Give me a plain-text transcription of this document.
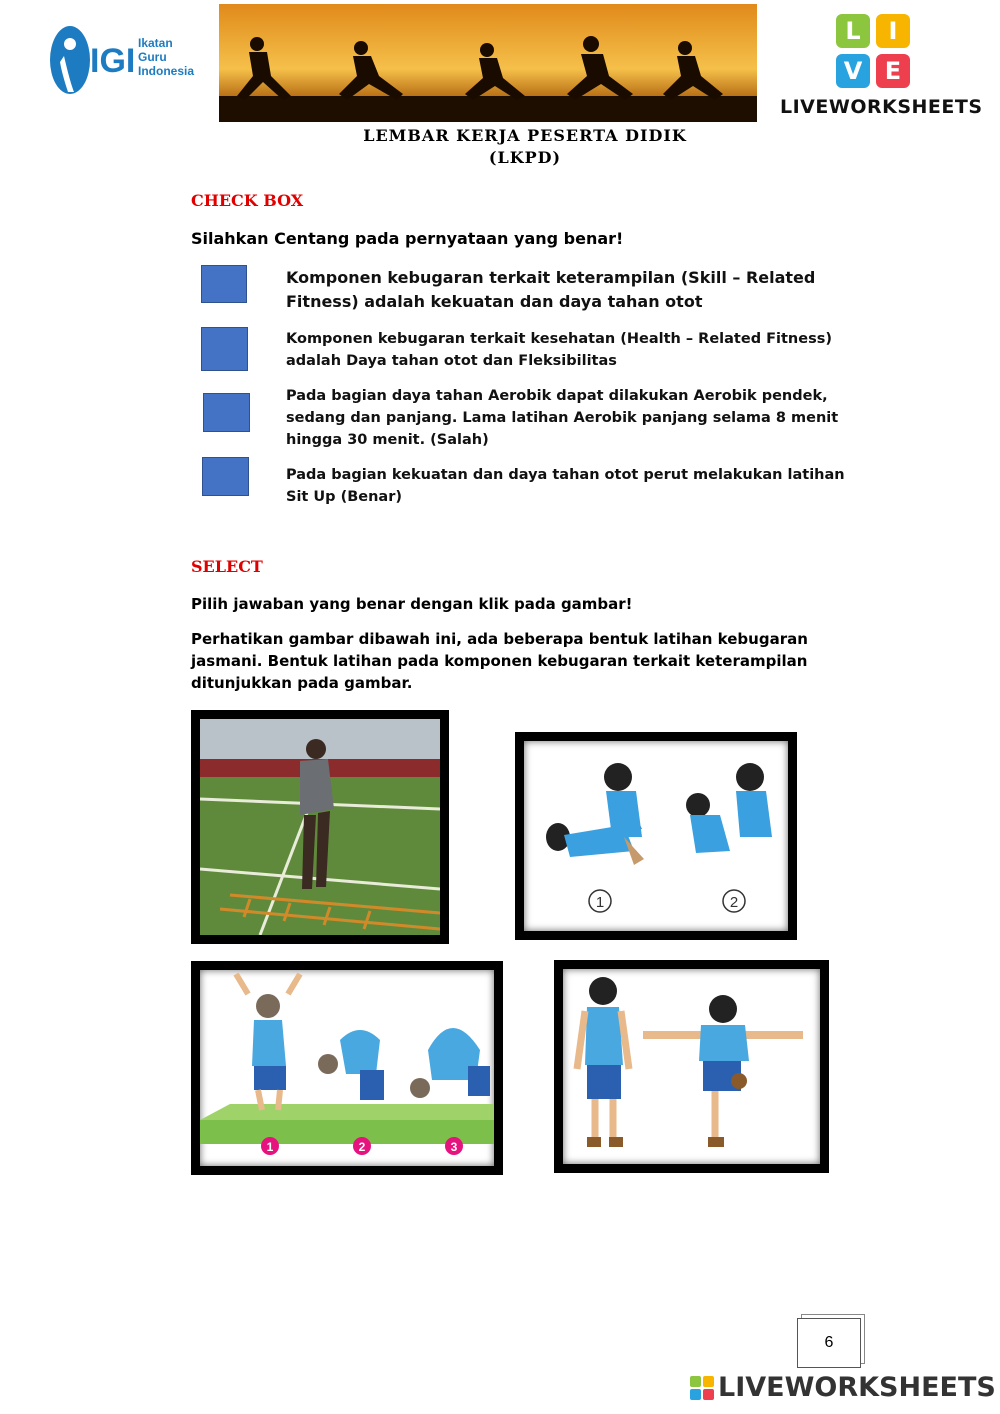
IGI Ikatan
Guru
Indonesia
L	I
V E
LIVEWORKSHEETS
LEMBAR KERJA PESERTA DIDIK
(LKPD)
CHECK BOX
Silahkan Centang pada pernyataan yang benar!
Komponen kebugaran terkait keterampilan (Skill – Related
Fitness) adalah kekuatan dan daya tahan otot
Komponen kebugaran terkait kesehatan (Health – Related Fitness)
adalah Daya tahan otot dan Fleksibilitas
Pada bagian daya tahan Aerobik dapat dilakukan Aerobik pendek,
sedang dan panjang. Lama latihan Aerobik panjang selama 8 menit
hingga 30 menit. (Salah)
Pada bagian kekuatan dan daya tahan otot perut melakukan latihan
Sit Up (Benar)
SELECT
Pilih jawaban yang benar dengan klik pada gambar!
Perhatikan gambar dibawah ini, ada beberapa bentuk latihan kebugaran
jasmani. Bentuk latihan pada komponen kebugaran terkait keterampilan
ditunjukkan pada gambar.
1	2
1	2	3
6
LIVEWORKSHEETS
